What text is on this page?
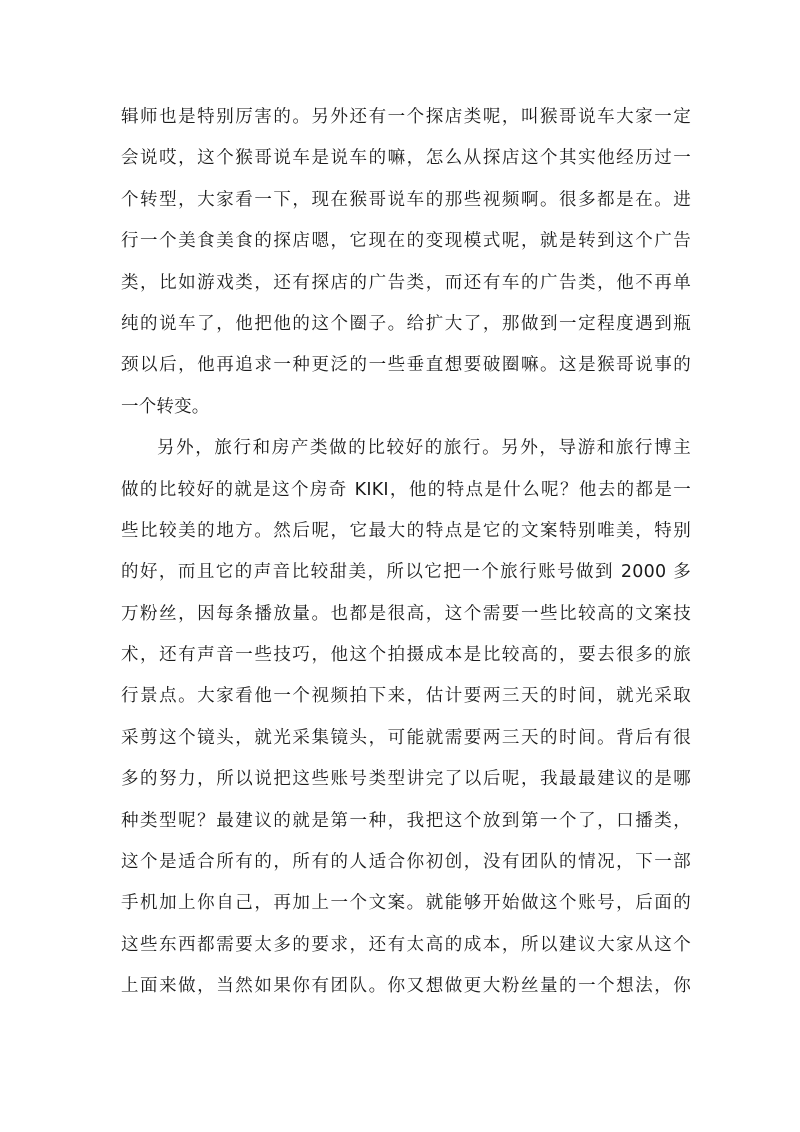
辑师也是特别厉害的。另外还有一个探店类呢，叫猴哥说车大家一定
会说哎，这个猴哥说车是说车的嘛，怎么从探店这个其实他经历过一
个转型，大家看一下，现在猴哥说车的那些视频啊。很多都是在。进
行一个美食美食的探店嗯，它现在的变现模式呢，就是转到这个广告
类，比如游戏类，还有探店的广告类，而还有车的广告类，他不再单
纯的说车了，他把他的这个圈子。给扩大了，那做到一定程度遇到瓶
颈以后，他再追求一种更泛的一些垂直想要破圈嘛。这是猴哥说事的
一个转变。
另外，旅行和房产类做的比较好的旅行。另外，导游和旅行博主
做的比较好的就是这个房奇 KIKI，他的特点是什么呢？他去的都是一
些比较美的地方。然后呢，它最大的特点是它的文案特别唯美，特别
的好，而且它的声音比较甜美，所以它把一个旅行账号做到 2000 多
万粉丝，因每条播放量。也都是很高，这个需要一些比较高的文案技
术，还有声音一些技巧，他这个拍摄成本是比较高的，要去很多的旅
行景点。大家看他一个视频拍下来，估计要两三天的时间，就光采取
采剪这个镜头，就光采集镜头，可能就需要两三天的时间。背后有很
多的努力，所以说把这些账号类型讲完了以后呢，我最最建议的是哪
种类型呢？最建议的就是第一种，我把这个放到第一个了，口播类，
这个是适合所有的，所有的人适合你初创，没有团队的情况，下一部
手机加上你自己，再加上一个文案。就能够开始做这个账号，后面的
这些东西都需要太多的要求，还有太高的成本，所以建议大家从这个
上面来做，当然如果你有团队。你又想做更大粉丝量的一个想法，你
